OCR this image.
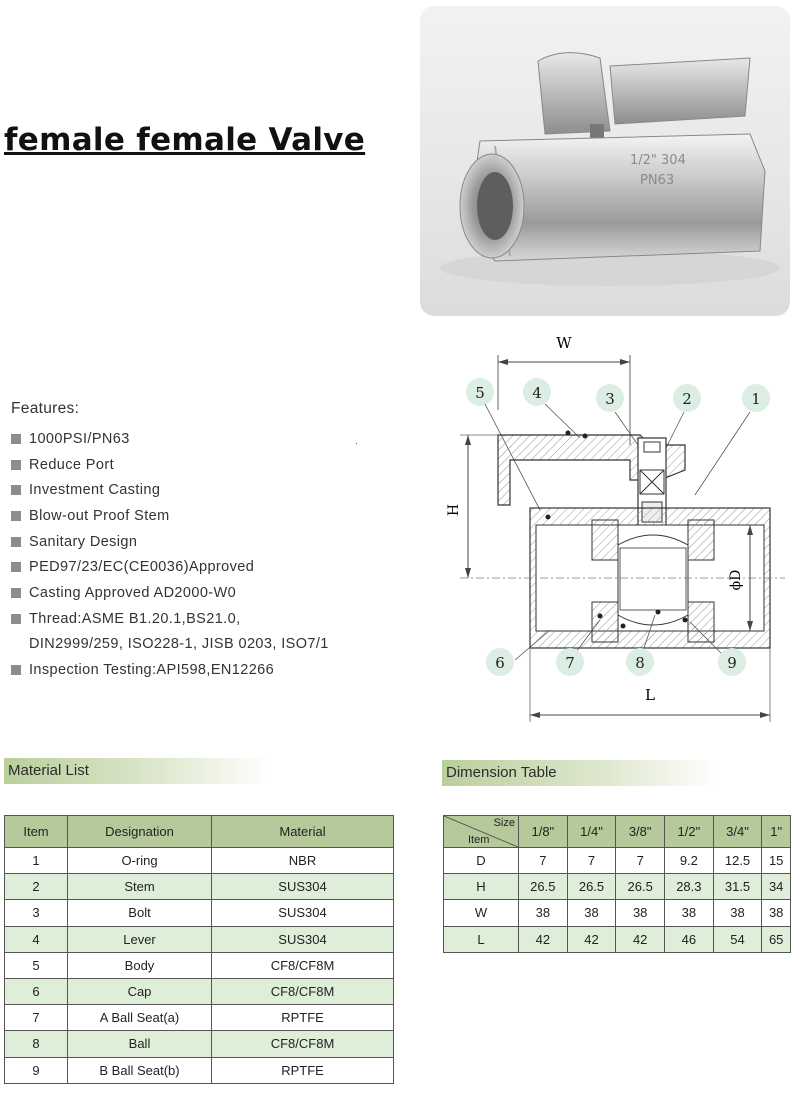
female female Valve
1/2" 304
PN63
Features:
1000PSI/PN63
Reduce Port
Investment Casting
Blow-out Proof Stem
Sanitary Design
PED97/23/EC(CE0036)Approved
Casting Approved AD2000-W0
Thread:ASME B1.20.1,BS21.0,
DIN2999/259, ISO228-1, JISB 0203, ISO7/1
Inspection Testing:API598,EN12266
.
W
5	4	3	2	1
H
ϕD
6	7	8	9
L
Material List
Item	Designation	Material
1	O-ring	NBR
2	Stem	SUS304
3	Bolt	SUS304
4	Lever	SUS304
5	Body	CF8/CF8M
6	Cap	CF8/CF8M
7	A Ball Seat(a)	RPTFE
8	Ball	CF8/CF8M
9	B Ball Seat(b)	RPTFE
Dimension Table
Size
Item	1/8"	1/4"	3/8"	1/2"	3/4"	1"
D	7	7	7	9.2	12.5	15
H	26.5	26.5	26.5	28.3	31.5	34
W	38	38	38	38	38	38
L	42	42	42	46	54	65
